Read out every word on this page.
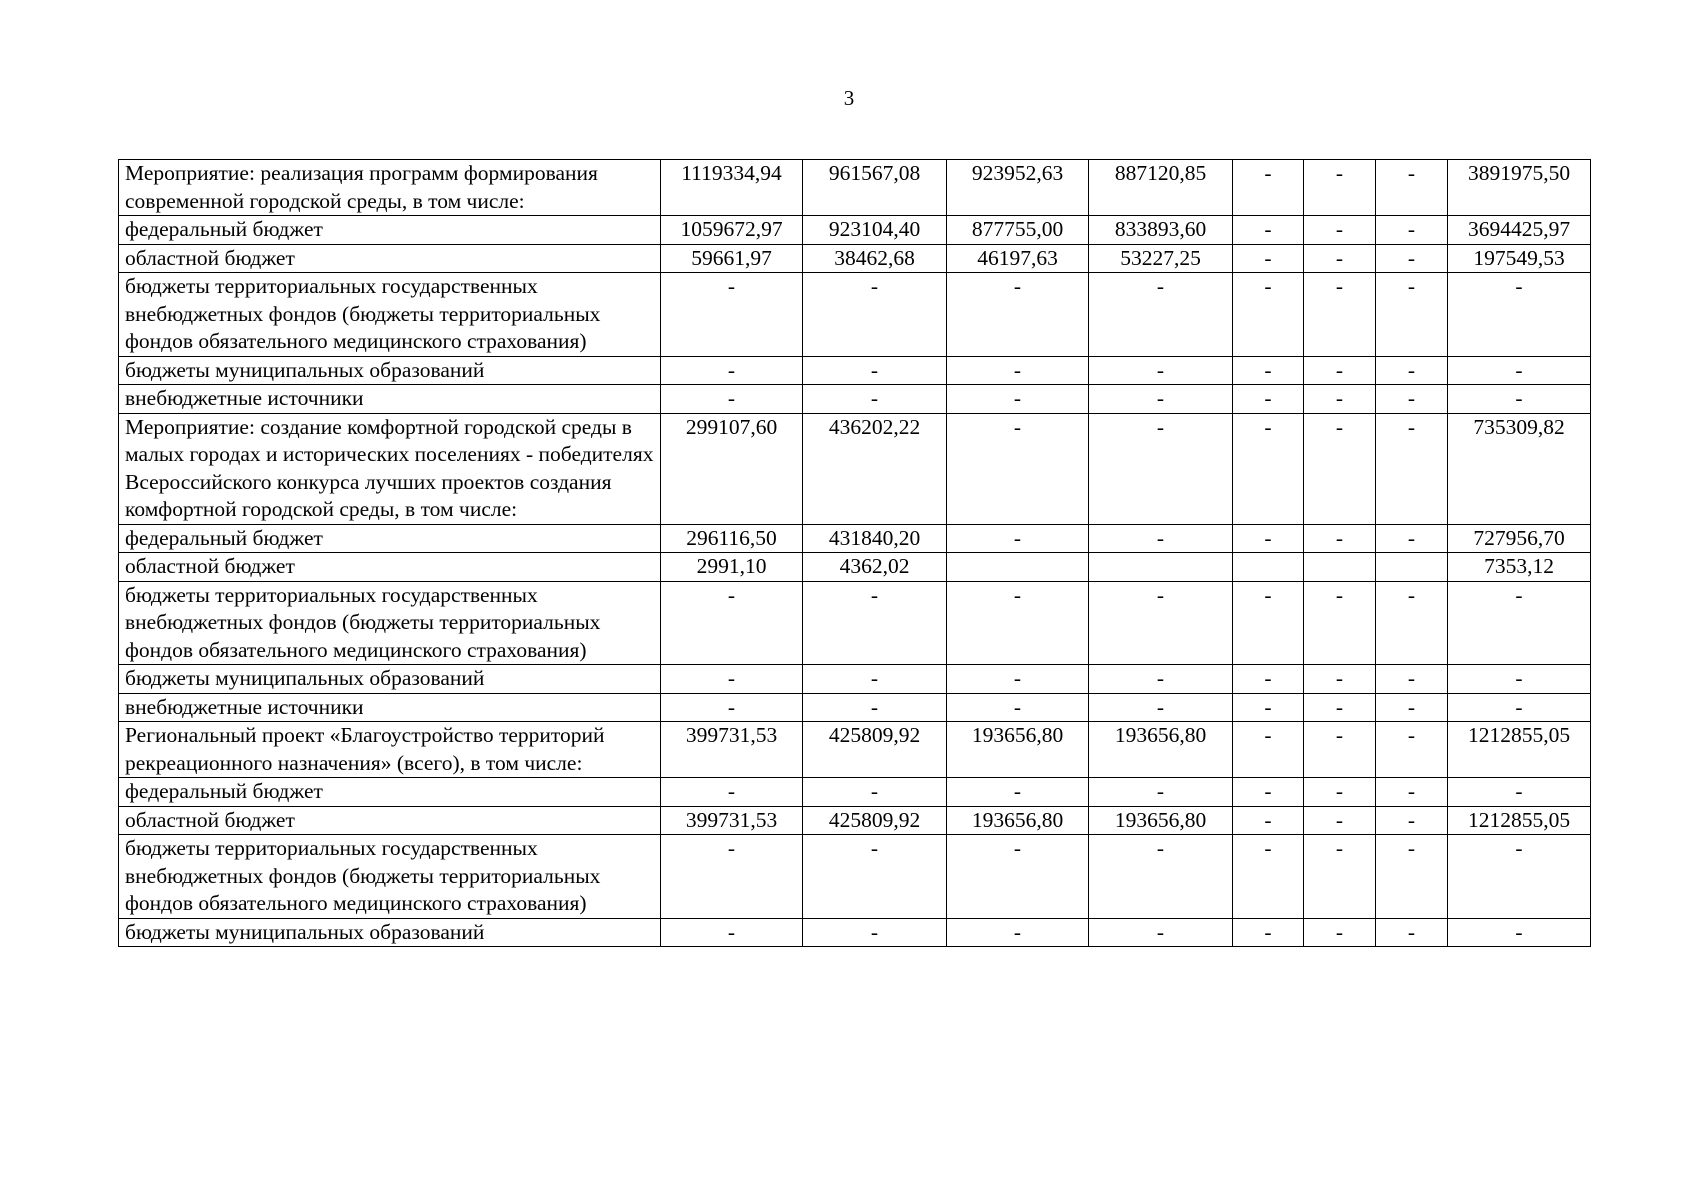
3
Мероприятие: реализация программ формирования современной городской среды, в том числе:	1119334,94	961567,08	923952,63	887120,85	-	-	-	3891975,50
федеральный бюджет	1059672,97	923104,40	877755,00	833893,60	-	-	-	3694425,97
областной бюджет	59661,97	38462,68	46197,63	53227,25	-	-	-	197549,53
бюджеты территориальных государственных внебюджетных фондов (бюджеты территориальных фондов обязательного медицинского страхования)	-	-	-	-	-	-	-	-
бюджеты муниципальных образований	-	-	-	-	-	-	-	-
внебюджетные источники	-	-	-	-	-	-	-	-
Мероприятие: создание комфортной городской среды в малых городах и исторических поселениях - победителях Всероссийского конкурса лучших проектов создания комфортной городской среды, в том числе:	299107,60	436202,22	-	-	-	-	-	735309,82
федеральный бюджет	296116,50	431840,20	-	-	-	-	-	727956,70
областной бюджет	2991,10	4362,02						7353,12
бюджеты территориальных государственных внебюджетных фондов (бюджеты территориальных фондов обязательного медицинского страхования)	-	-	-	-	-	-	-	-
бюджеты муниципальных образований	-	-	-	-	-	-	-	-
внебюджетные источники	-	-	-	-	-	-	-	-
Региональный проект «Благоустройство территорий рекреационного назначения» (всего), в том числе:	399731,53	425809,92	193656,80	193656,80	-	-	-	1212855,05
федеральный бюджет	-	-	-	-	-	-	-	-
областной бюджет	399731,53	425809,92	193656,80	193656,80	-	-	-	1212855,05
бюджеты территориальных государственных внебюджетных фондов (бюджеты территориальных фондов обязательного медицинского страхования)	-	-	-	-	-	-	-	-
бюджеты муниципальных образований	-	-	-	-	-	-	-	-
